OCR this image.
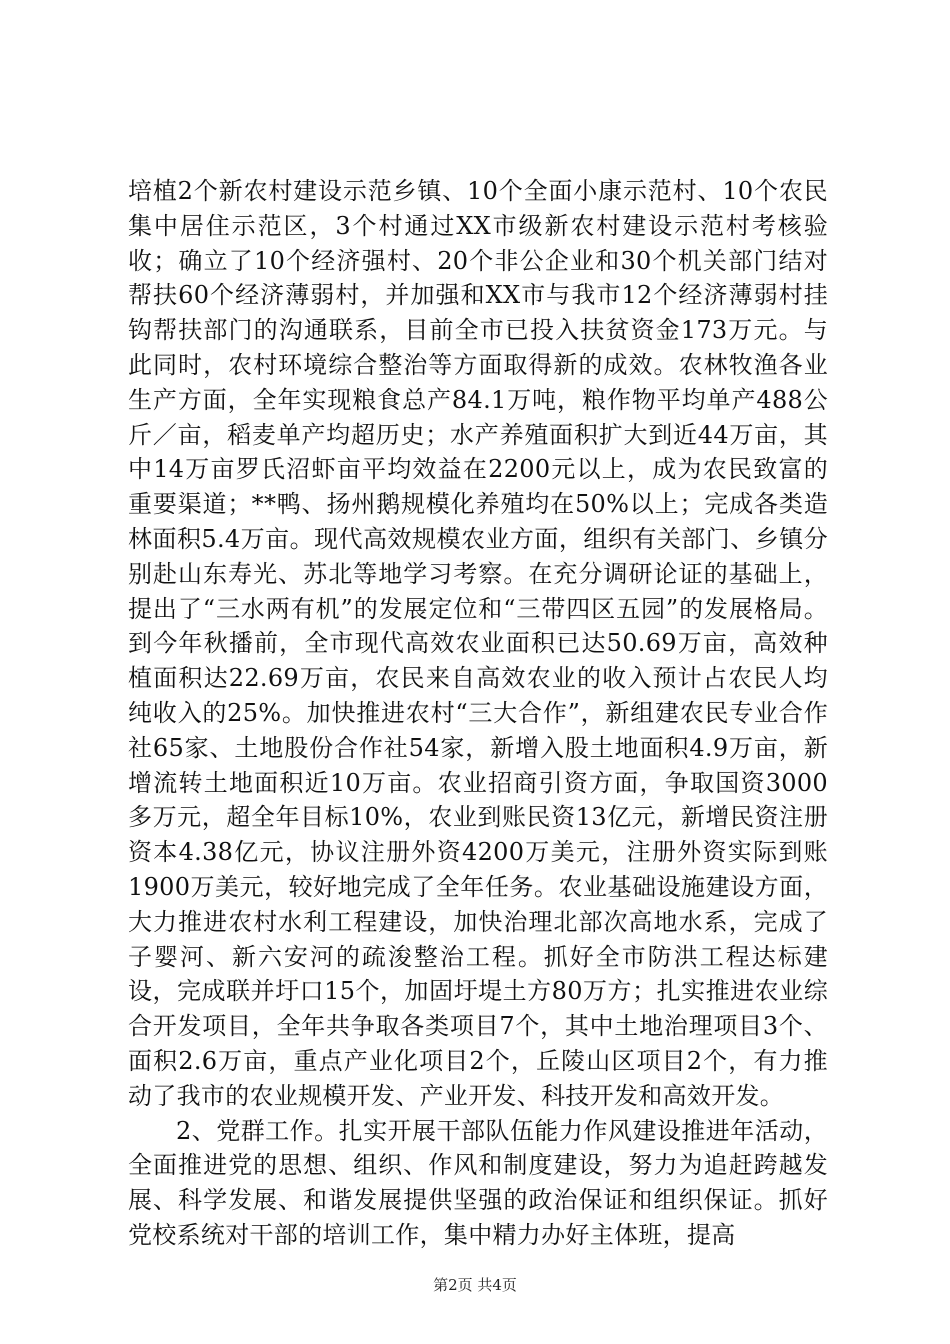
培植2个新农村建设示范乡镇、10个全面小康示范村、10个农民集中居住示范区，3个村通过XX市级新农村建设示范村考核验收；确立了10个经济强村、20个非公企业和30个机关部门结对帮扶60个经济薄弱村，并加强和XX市与我市12个经济薄弱村挂钩帮扶部门的沟通联系，目前全市已投入扶贫资金173万元。与此同时，农村环境综合整治等方面取得新的成效。农林牧渔各业生产方面，全年实现粮食总产84.1万吨，粮作物平均单产488公斤／亩，稻麦单产均超历史；水产养殖面积扩大到近44万亩，其中14万亩罗氏沼虾亩平均效益在2200元以上，成为农民致富的重要渠道；**鸭、扬州鹅规模化养殖均在50%以上；完成各类造林面积5.4万亩。现代高效规模农业方面，组织有关部门、乡镇分别赴山东寿光、苏北等地学习考察。在充分调研论证的基础上，提出了“三水两有机”的发展定位和“三带四区五园”的发展格局。到今年秋播前，全市现代高效农业面积已达50.69万亩，高效种植面积达22.69万亩，农民来自高效农业的收入预计占农民人均纯收入的25%。加快推进农村“三大合作”，新组建农民专业合作社65家、土地股份合作社54家，新增入股土地面积4.9万亩，新增流转土地面积近10万亩。农业招商引资方面，争取国资3000多万元，超全年目标10%，农业到账民资13亿元，新增民资注册资本4.38亿元，协议注册外资4200万美元，注册外资实际到账1900万美元，较好地完成了全年任务。农业基础设施建设方面，大力推进农村水利工程建设，加快治理北部次高地水系，完成了子婴河、新六安河的疏浚整治工程。抓好全市防洪工程达标建设，完成联并圩口15个，加固圩堤土方80万方；扎实推进农业综合开发项目，全年共争取各类项目7个，其中土地治理项目3个、面积2.6万亩，重点产业化项目2个，丘陵山区项目2个，有力推动了我市的农业规模开发、产业开发、科技开发和高效开发。

2、党群工作。扎实开展干部队伍能力作风建设推进年活动，全面推进党的思想、组织、作风和制度建设，努力为追赶跨越发展、科学发展、和谐发展提供坚强的政治保证和组织保证。抓好党校系统对干部的培训工作，集中精力办好主体班，提高

第2页 共4页
